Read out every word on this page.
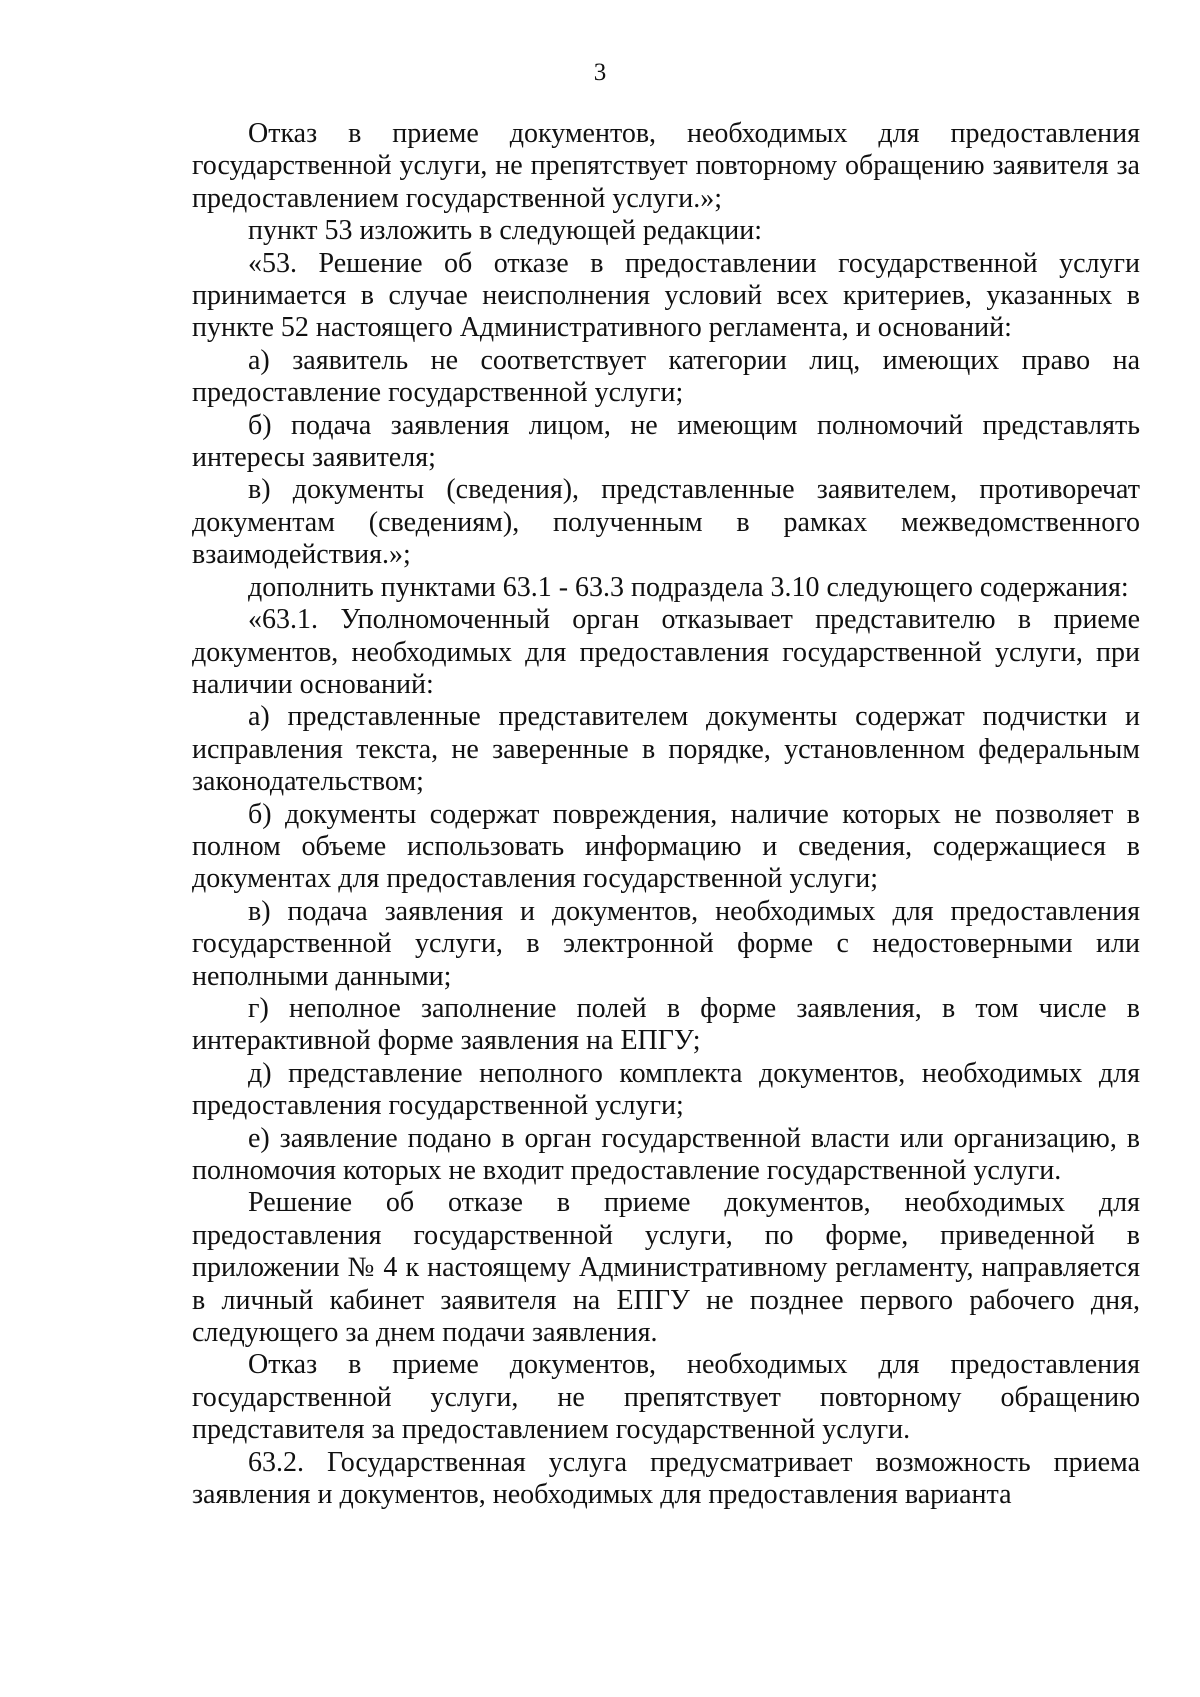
3

Отказ в приеме документов, необходимых для предоставления государственной услуги, не препятствует повторному обращению заявителя за предоставлением государственной услуги.»;

пункт 53 изложить в следующей редакции:

«53. Решение об отказе в предоставлении государственной услуги принимается в случае неисполнения условий всех критериев, указанных в пункте 52 настоящего Административного регламента, и оснований:

а) заявитель не соответствует категории лиц, имеющих право на предоставление государственной услуги;

б) подача заявления лицом, не имеющим полномочий представлять интересы заявителя;

в) документы (сведения), представленные заявителем, противоречат документам (сведениям), полученным в рамках межведомственного взаимодействия.»;

дополнить пунктами 63.1 - 63.3 подраздела 3.10 следующего содержания:

«63.1. Уполномоченный орган отказывает представителю в приеме документов, необходимых для предоставления государственной услуги, при наличии оснований:

а) представленные представителем документы содержат подчистки и исправления текста, не заверенные в порядке, установленном федеральным законодательством;

б) документы содержат повреждения, наличие которых не позволяет в полном объеме использовать информацию и сведения, содержащиеся в документах для предоставления государственной услуги;

в) подача заявления и документов, необходимых для предоставления государственной услуги, в электронной форме с недостоверными или неполными данными;

г) неполное заполнение полей в форме заявления, в том числе в интерактивной форме заявления на ЕПГУ;

д) представление неполного комплекта документов, необходимых для предоставления государственной услуги;

е) заявление подано в орган государственной власти или организацию, в полномочия которых не входит предоставление государственной услуги.

Решение об отказе в приеме документов, необходимых для предоставления государственной услуги, по форме, приведенной в приложении № 4 к настоящему Административному регламенту, направляется в личный кабинет заявителя на ЕПГУ не позднее первого рабочего дня, следующего за днем подачи заявления.

Отказ в приеме документов, необходимых для предоставления государственной услуги, не препятствует повторному обращению представителя за предоставлением государственной услуги.

63.2. Государственная услуга предусматривает возможность приема заявления и документов, необходимых для предоставления варианта
